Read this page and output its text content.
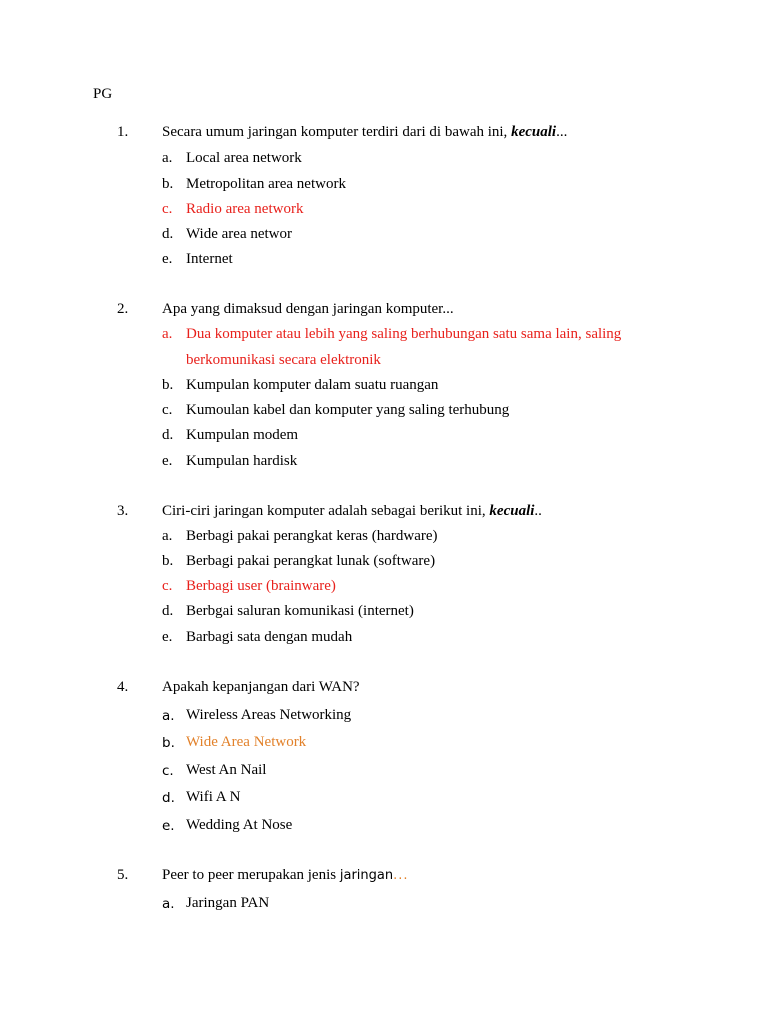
PG
1. Secara umum jaringan komputer terdiri dari di bawah ini, kecuali...
a. Local area network
b. Metropolitan area network
c. Radio area network
d. Wide area networ
e. Internet
2. Apa yang dimaksud dengan jaringan komputer...
a. Dua komputer atau lebih yang saling berhubungan satu sama lain, saling
berkomunikasi secara elektronik
b. Kumpulan komputer dalam suatu ruangan
c. Kumoulan kabel dan komputer yang saling terhubung
d. Kumpulan modem
e. Kumpulan hardisk
3. Ciri-ciri jaringan komputer adalah sebagai berikut ini, kecuali..
a. Berbagi pakai perangkat keras (hardware)
b. Berbagi pakai perangkat lunak (software)
c. Berbagi user (brainware)
d. Berbgai saluran komunikasi (internet)
e. Barbagi sata dengan mudah
4. Apakah kepanjangan dari WAN?
a. Wireless Areas Networking
b. Wide Area Network
c. West An Nail
d. Wifi A N
e. Wedding At Nose
5. Peer to peer merupakan jenis jaringan...
a. Jaringan PAN
